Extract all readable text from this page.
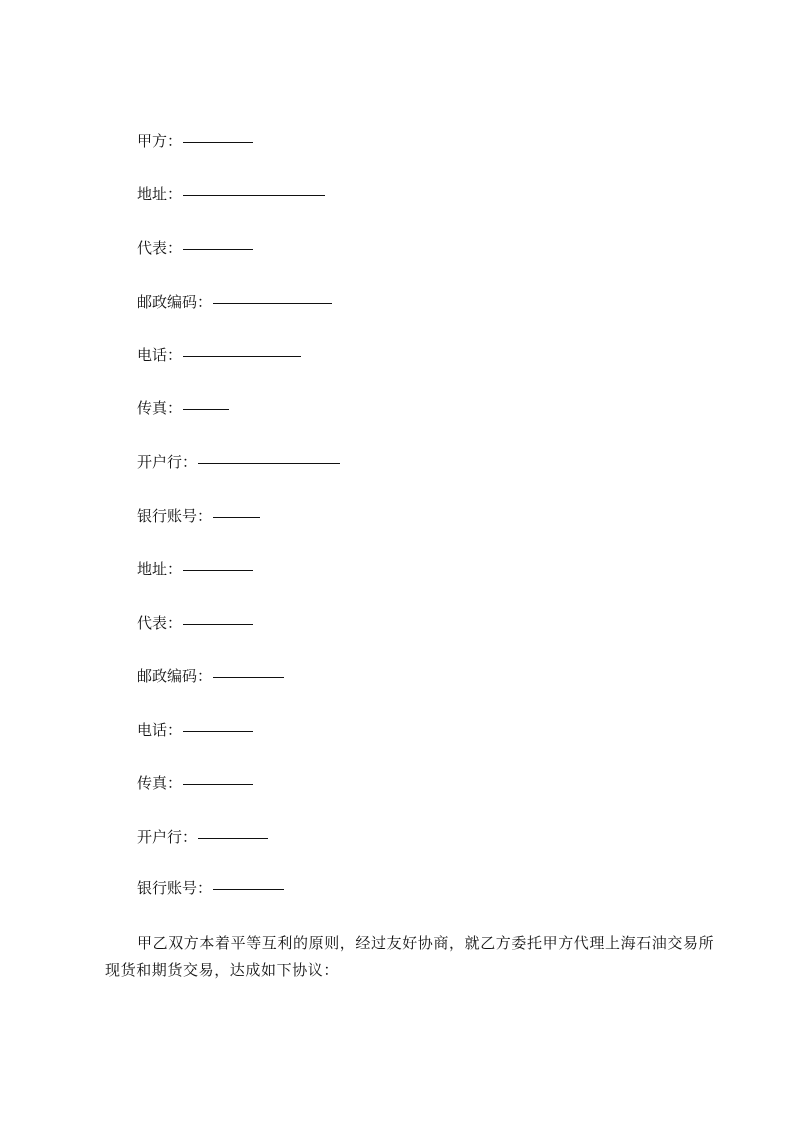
甲方：
地址：
代表：
邮政编码：
电话：
传真：
开户行：
银行账号：
地址：
代表：
邮政编码：
电话：
传真：
开户行：
银行账号：
甲乙双方本着平等互利的原则，经过友好协商，就乙方委托甲方代理上海石油交易所现货和期货交易，达成如下协议：
